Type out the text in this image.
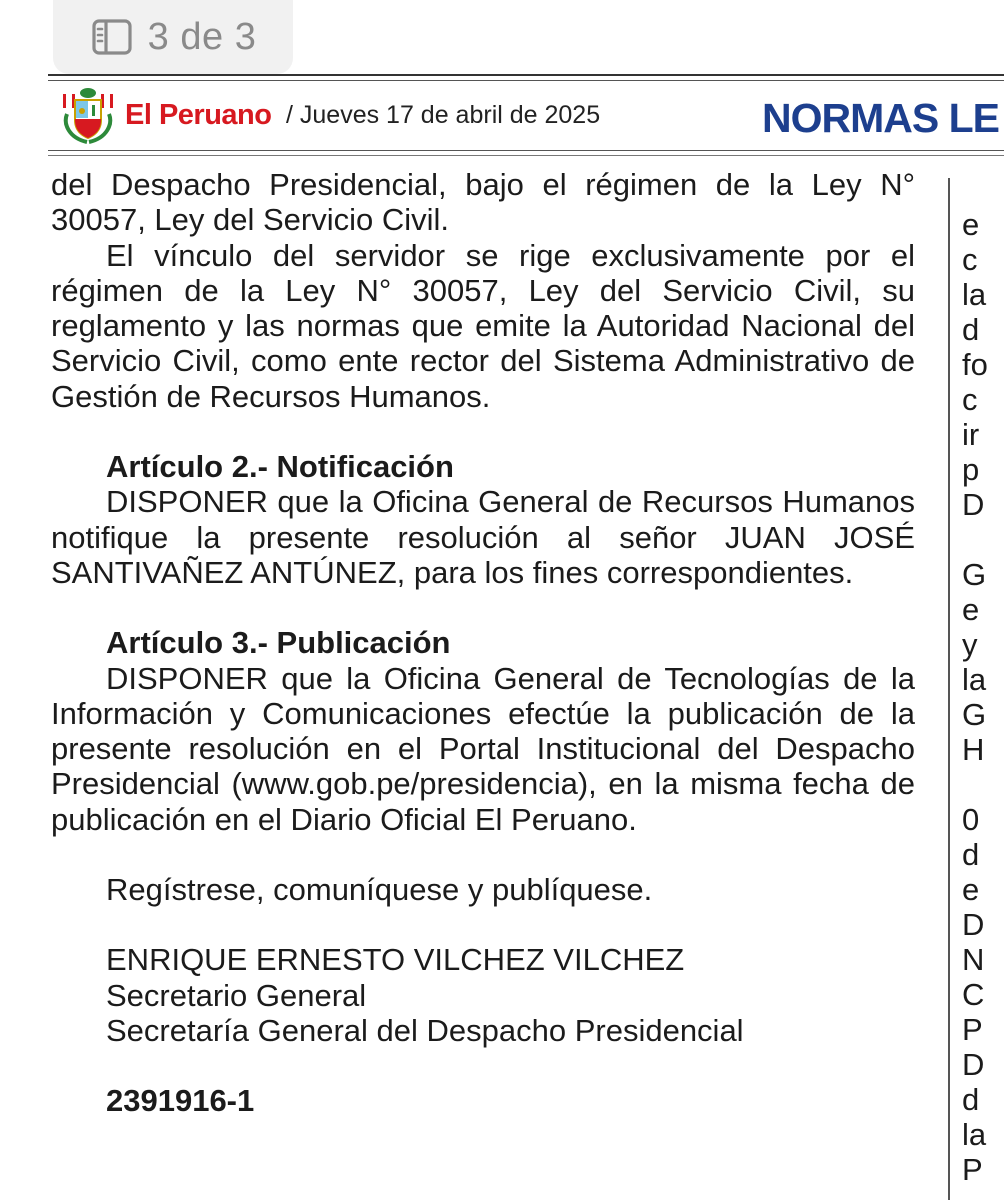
3 de 3
El Peruano / Jueves 17 de abril de 2025	NORMAS LE

del Despacho Presidencial, bajo el régimen de la Ley N° 30057, Ley del Servicio Civil.

El vínculo del servidor se rige exclusivamente por el régimen de la Ley N° 30057, Ley del Servicio Civil, su reglamento y las normas que emite la Autoridad Nacional del Servicio Civil, como ente rector del Sistema Administrativo de Gestión de Recursos Humanos.

Artículo 2.- Notificación

DISPONER que la Oficina General de Recursos Humanos notifique la presente resolución al señor JUAN JOSÉ SANTIVAÑEZ ANTÚNEZ, para los fines correspondientes.

Artículo 3.- Publicación

DISPONER que la Oficina General de Tecnologías de la Información y Comunicaciones efectúe la publicación de la presente resolución en el Portal Institucional del Despacho Presidencial (www.gob.pe/presidencia), en la misma fecha de publicación en el Diario Oficial El Peruano.

Regístrese, comuníquese y publíquese.

ENRIQUE ERNESTO VILCHEZ VILCHEZ

Secretario General

Secretaría General del Despacho Presidencial

2391916-1

e
c
la
d
fo
c
ir
p
D
G
e
y
la
G
H
0
d
e
D
N
C
P
D
d
la
P
